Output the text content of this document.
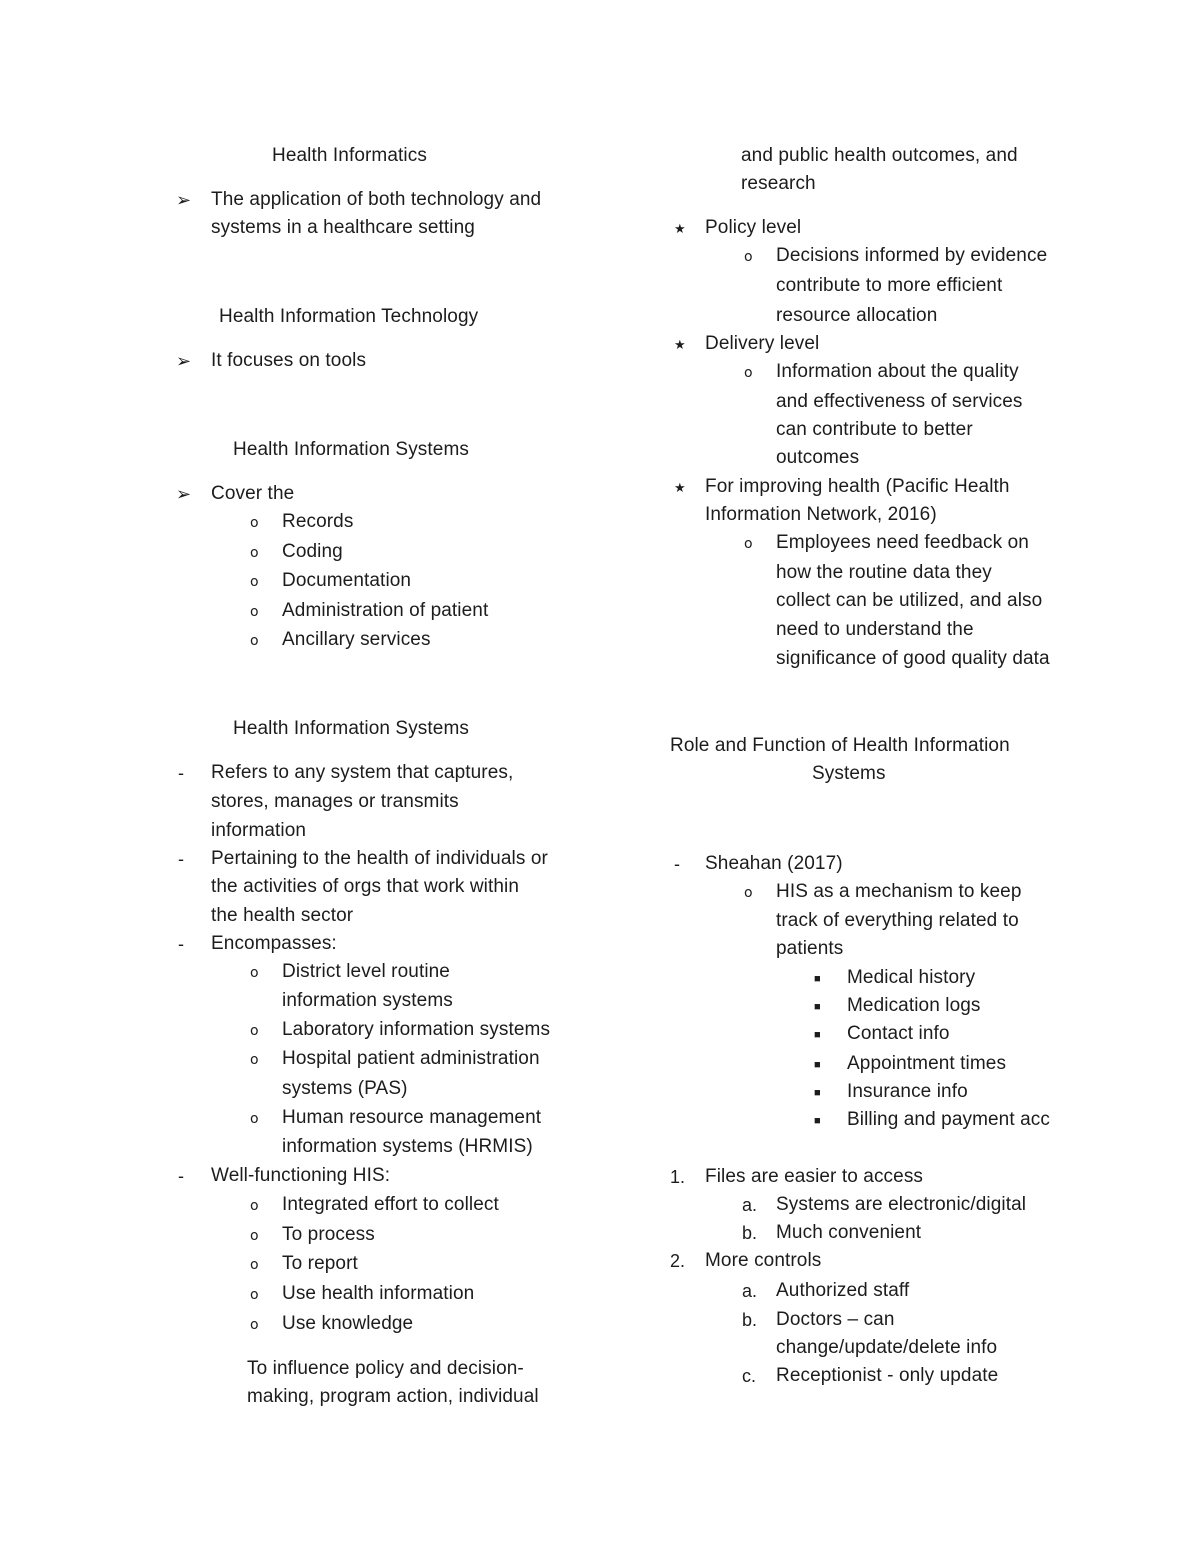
Health Informatics
➢ The application of both technology and
systems in a healthcare setting
Health Information Technology
➢ It focuses on tools
Health Information Systems
➢ Cover the
o Records
o Coding
o Documentation
o Administration of patient
o Ancillary services
Health Information Systems
- Refers to any system that captures,
stores, manages or transmits
information
- Pertaining to the health of individuals or
the activities of orgs that work within
the health sector
- Encompasses:
o District level routine
information systems
o Laboratory information systems
o Hospital patient administration
systems (PAS)
o Human resource management
information systems (HRMIS)
- Well-functioning HIS:
o Integrated effort to collect
o To process
o To report
o Use health information
o Use knowledge
To influence policy and decision-
making, program action, individual
and public health outcomes, and
research
★ Policy level
o Decisions informed by evidence
contribute to more efficient
resource allocation
★ Delivery level
o Information about the quality
and effectiveness of services
can contribute to better
outcomes
★ For improving health (Pacific Health
Information Network, 2016)
o Employees need feedback on
how the routine data they
collect can be utilized, and also
need to understand the
significance of good quality data
Role and Function of Health Information
Systems
- Sheahan (2017)
o HIS as a mechanism to keep
track of everything related to
patients
■ Medical history
■ Medication logs
■ Contact info
■ Appointment times
■ Insurance info
■ Billing and payment acc
1. Files are easier to access
a. Systems are electronic/digital
b. Much convenient
2. More controls
a. Authorized staff
b. Doctors – can
change/update/delete info
c. Receptionist - only update
